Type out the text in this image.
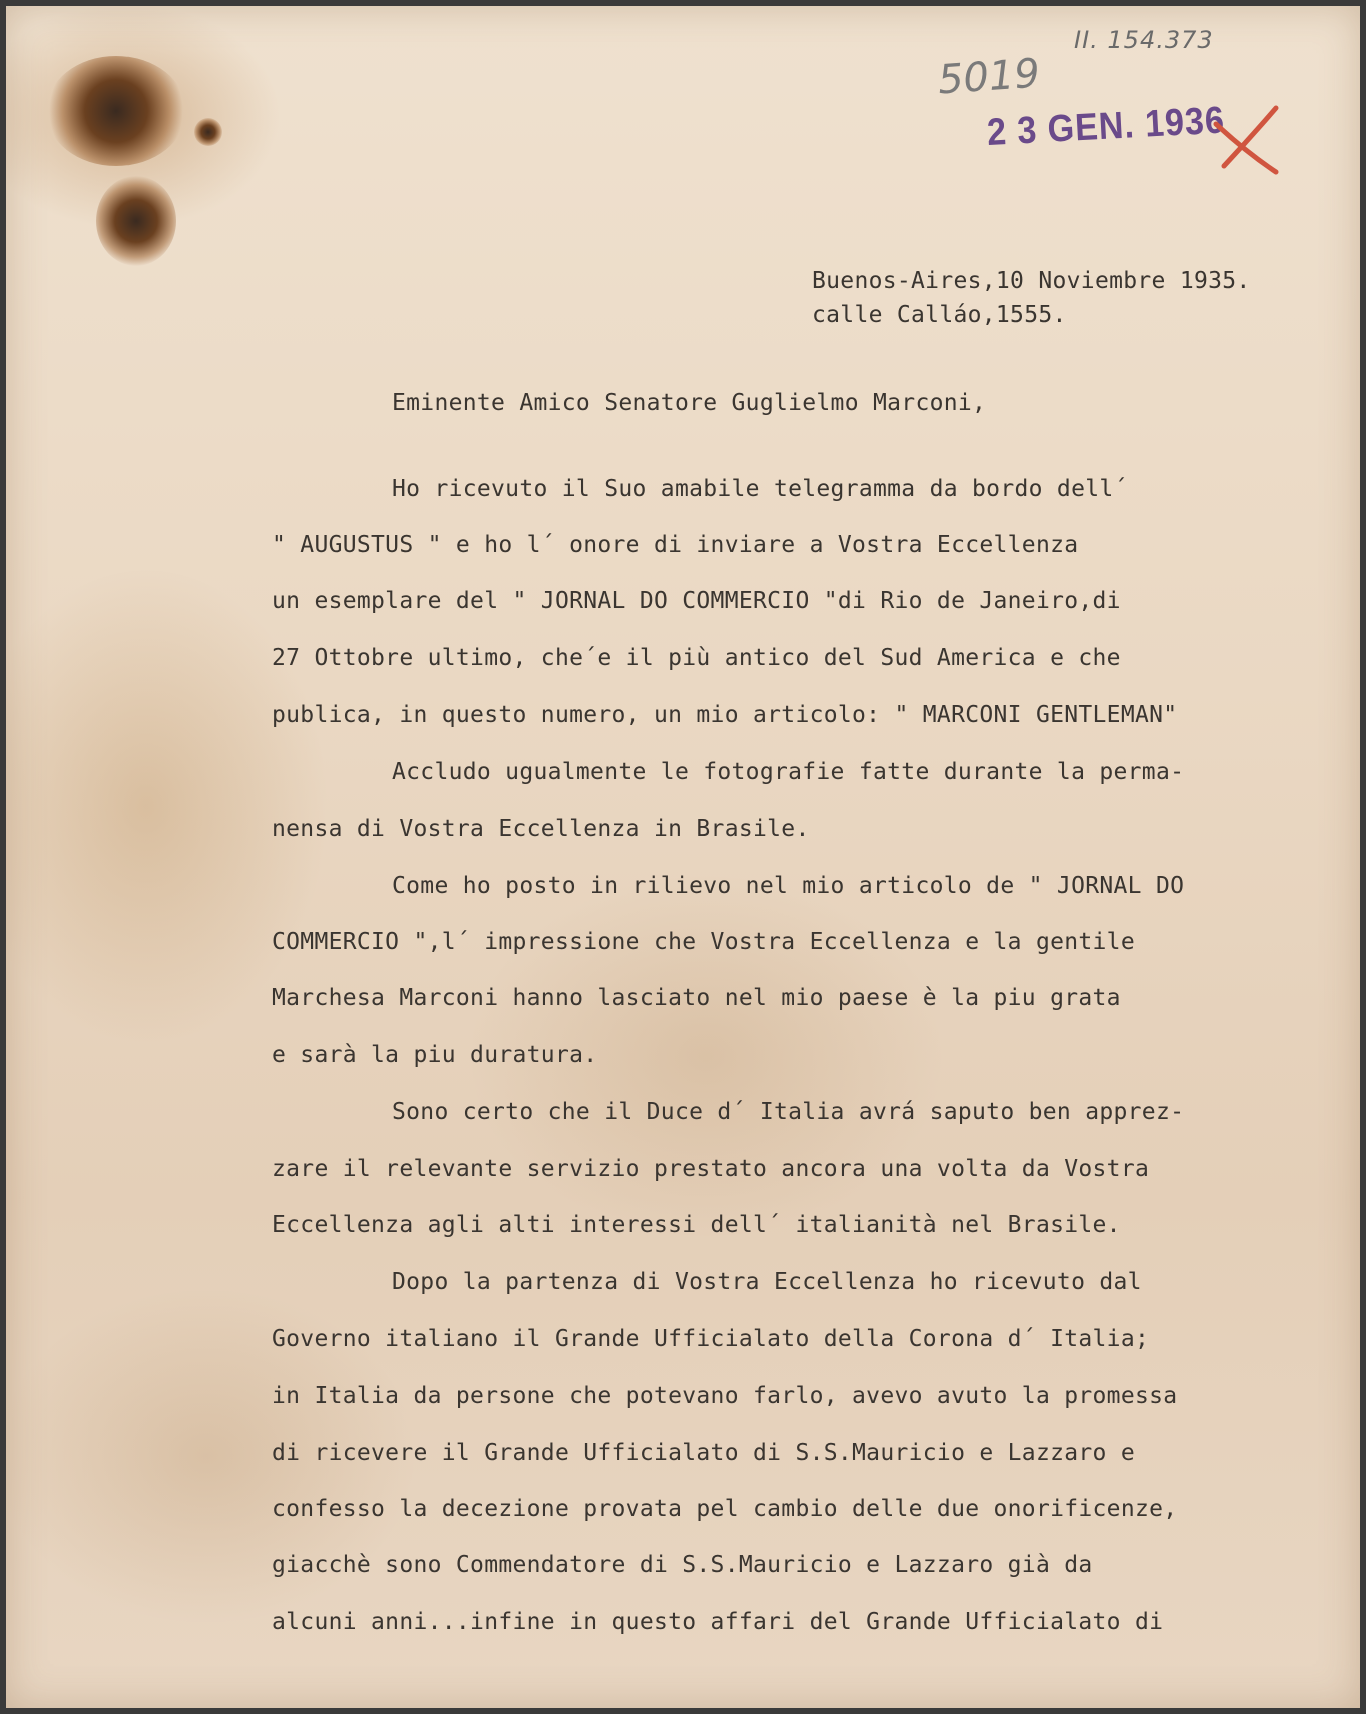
II. 154.373
5019
2 3 GEN. 1936
Buenos-Aires,10 Noviembre 1935.
calle Calláo,1555.
Eminente Amico Senatore Guglielmo Marconi,
Ho ricevuto il Suo amabile telegramma da bordo dell´
" AUGUSTUS " e ho l´ onore di inviare a Vostra Eccellenza
un esemplare del " JORNAL DO COMMERCIO "di Rio de Janeiro,di
27 Ottobre ultimo, che´e il più antico del Sud America e che
publica, in questo numero, un mio articolo: " MARCONI GENTLEMAN"
Accludo ugualmente le fotografie fatte durante la perma-
nensa di Vostra Eccellenza in Brasile.
Come ho posto in rilievo nel mio articolo de " JORNAL DO
COMMERCIO ",l´ impressione che Vostra Eccellenza e la gentile
Marchesa Marconi hanno lasciato nel mio paese è la piu grata
e sarà la piu duratura.
Sono certo che il Duce d´ Italia avrá saputo ben apprez-
zare il relevante servizio prestato ancora una volta da Vostra
Eccellenza agli alti interessi dell´ italianità nel Brasile.
Dopo la partenza di Vostra Eccellenza ho ricevuto dal
Governo italiano il Grande Ufficialato della Corona d´ Italia;
in Italia da persone che potevano farlo, avevo avuto la promessa
di ricevere il Grande Ufficialato di S.S.Mauricio e Lazzaro e
confesso la decezione provata pel cambio delle due onorificenze,
giacchè sono Commendatore di S.S.Mauricio e Lazzaro già da
alcuni anni...infine in questo affari del Grande Ufficialato di
